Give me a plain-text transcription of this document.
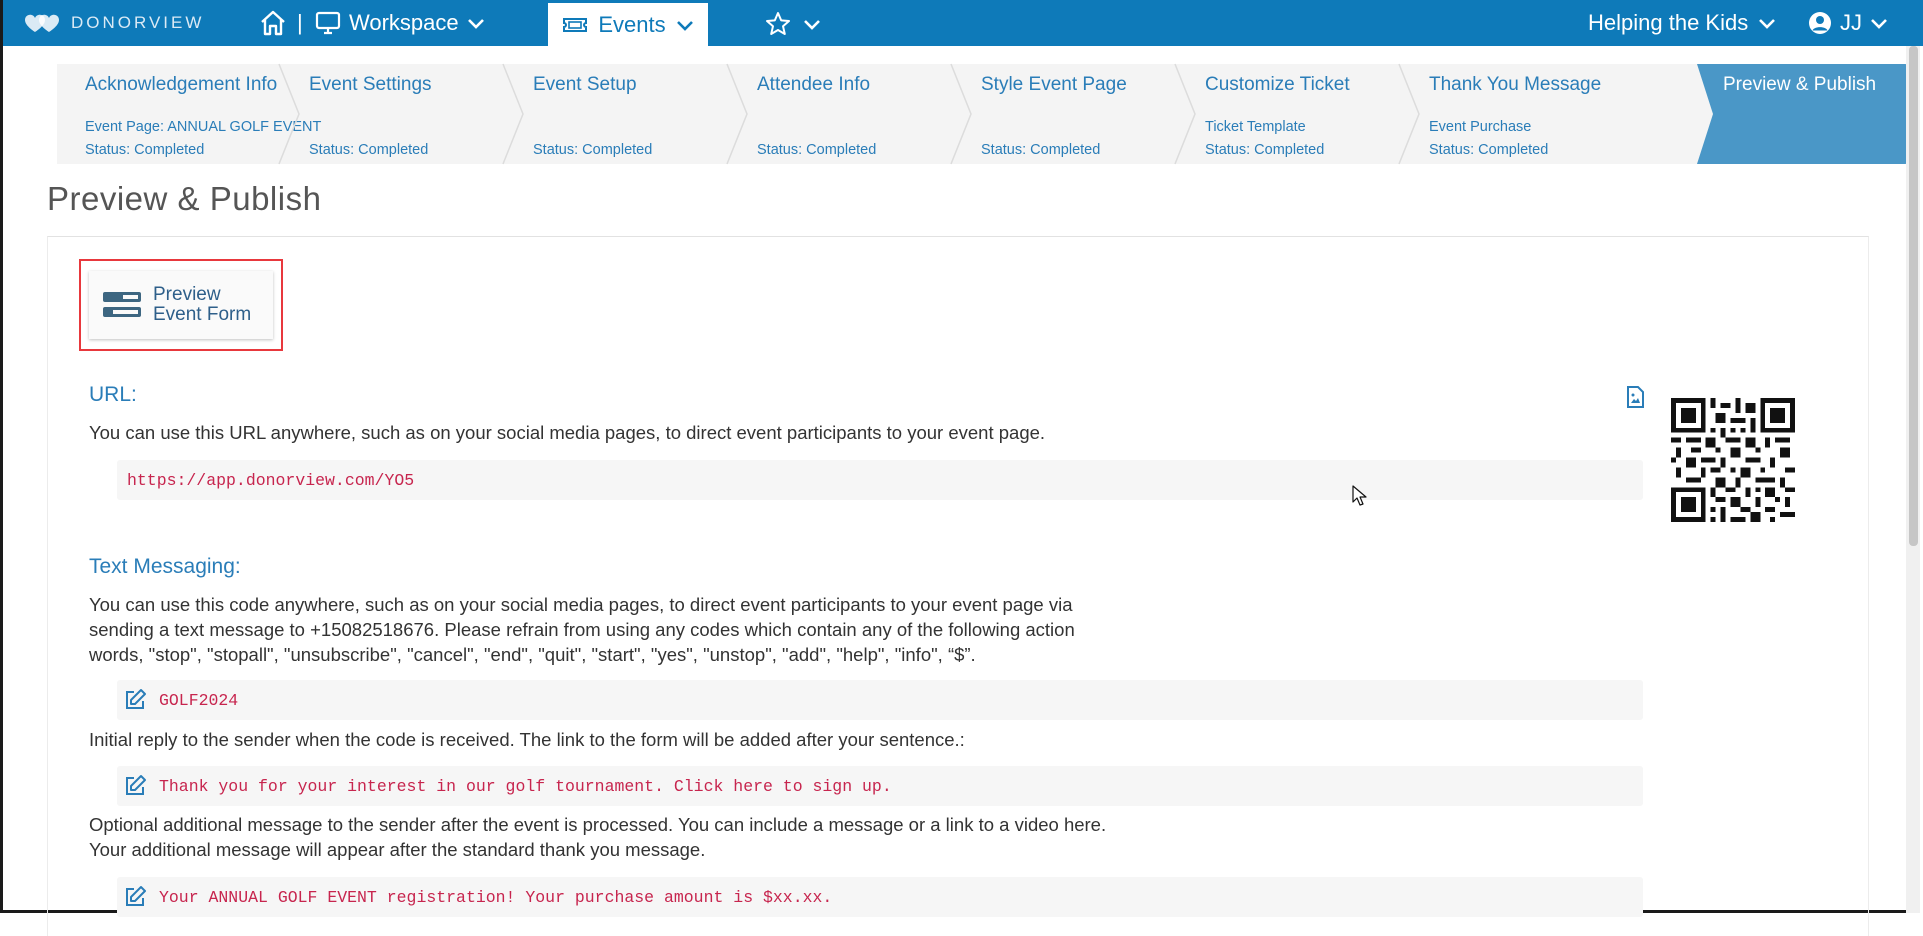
DONORVIEW	| Workspace	Events	Helping the Kids	JJ
Acknowledgement Info
Event Page: ANNUAL GOLF EVENT
Status: Completed
Event Settings
Status: Completed
Event Setup
Status: Completed
Attendee Info
Status: Completed
Style Event Page
Status: Completed
Customize Ticket
Ticket Template
Status: Completed
Thank You Message
Event Purchase
Status: Completed
Preview & Publish
Preview & Publish
Preview
Event Form
URL:
You can use this URL anywhere, such as on your social media pages, to direct event participants to your event page.
https://app.donorview.com/YO5
Text Messaging:
You can use this code anywhere, such as on your social media pages, to direct event participants to your event page via sending a text message to +15082518676. Please refrain from using any codes which contain any of the following action words, "stop", "stopall", "unsubscribe", "cancel", "end", "quit", "start", "yes", "unstop", "add", "help", "info", “$”.
GOLF2024
Initial reply to the sender when the code is received. The link to the form will be added after your sentence.:
Thank you for your interest in our golf tournament. Click here to sign up.
Optional additional message to the sender after the event is processed. You can include a message or a link to a video here. Your additional message will appear after the standard thank you message.
Your ANNUAL GOLF EVENT registration! Your purchase amount is $xx.xx.
